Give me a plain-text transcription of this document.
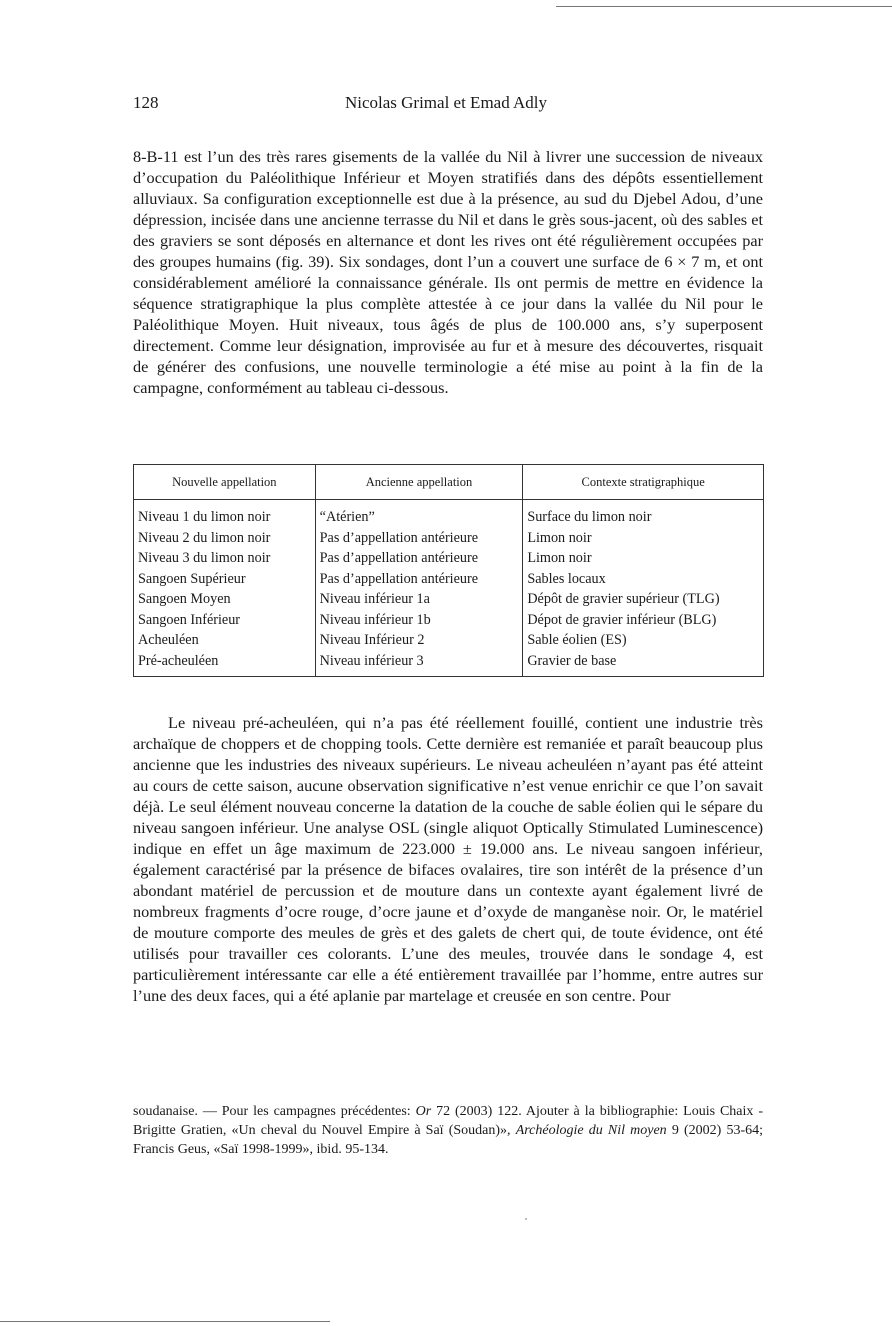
128	Nicolas Grimal et Emad Adly

8-B-11 est l’un des très rares gisements de la vallée du Nil à livrer une succession de niveaux d’occupation du Paléolithique Inférieur et Moyen stratifiés dans des dépôts essentiellement alluviaux. Sa configuration exceptionnelle est due à la présence, au sud du Djebel Adou, d’une dépression, incisée dans une ancienne terrasse du Nil et dans le grès sous-jacent, où des sables et des graviers se sont déposés en alternance et dont les rives ont été régulièrement occupées par des groupes humains (fig. 39). Six sondages, dont l’un a couvert une surface de 6 × 7 m, et ont considérablement amélioré la connaissance générale. Ils ont permis de mettre en évidence la séquence stratigraphique la plus complète attestée à ce jour dans la vallée du Nil pour le Paléolithique Moyen. Huit niveaux, tous âgés de plus de 100.000 ans, s’y superposent directement. Comme leur désignation, improvisée au fur et à mesure des découvertes, risquait de générer des confusions, une nouvelle terminologie a été mise au point à la fin de la campagne, conformément au tableau ci-dessous.

Nouvelle appellation	Ancienne appellation	Contexte stratigraphique
Niveau 1 du limon noir	“Atérien”	Surface du limon noir
Niveau 2 du limon noir	Pas d’appellation antérieure	Limon noir
Niveau 3 du limon noir	Pas d’appellation antérieure	Limon noir
Sangoen Supérieur	Pas d’appellation antérieure	Sables locaux
Sangoen Moyen	Niveau inférieur 1a	Dépôt de gravier supérieur (TLG)
Sangoen Inférieur	Niveau inférieur 1b	Dépot de gravier inférieur (BLG)
Acheuléen	Niveau Inférieur 2	Sable éolien (ES)
Pré-acheuléen	Niveau inférieur 3	Gravier de base

Le niveau pré-acheuléen, qui n’a pas été réellement fouillé, contient une industrie très archaïque de choppers et de chopping tools. Cette dernière est remaniée et paraît beaucoup plus ancienne que les industries des niveaux supérieurs. Le niveau acheuléen n’ayant pas été atteint au cours de cette saison, aucune observation significative n’est venue enrichir ce que l’on savait déjà. Le seul élément nouveau concerne la datation de la couche de sable éolien qui le sépare du niveau sangoen inférieur. Une analyse OSL (single aliquot Optically Stimulated Luminescence) indique en effet un âge maximum de 223.000 ± 19.000 ans. Le niveau sangoen inférieur, également caractérisé par la présence de bifaces ovalaires, tire son intérêt de la présence d’un abondant matériel de percussion et de mouture dans un contexte ayant également livré de nombreux fragments d’ocre rouge, d’ocre jaune et d’oxyde de manganèse noir. Or, le matériel de mouture comporte des meules de grès et des galets de chert qui, de toute évidence, ont été utilisés pour travailler ces colorants. L’une des meules, trouvée dans le sondage 4, est particulièrement intéressante car elle a été entièrement travaillée par l’homme, entre autres sur l’une des deux faces, qui a été aplanie par martelage et creusée en son centre. Pour

soudanaise. — Pour les campagnes précédentes: Or 72 (2003) 122. Ajouter à la bibliographie: Louis Chaix - Brigitte Gratien, «Un cheval du Nouvel Empire à Saï (Soudan)», Archéologie du Nil moyen 9 (2002) 53-64; Francis Geus, «Saï 1998-1999», ibid. 95-134.
